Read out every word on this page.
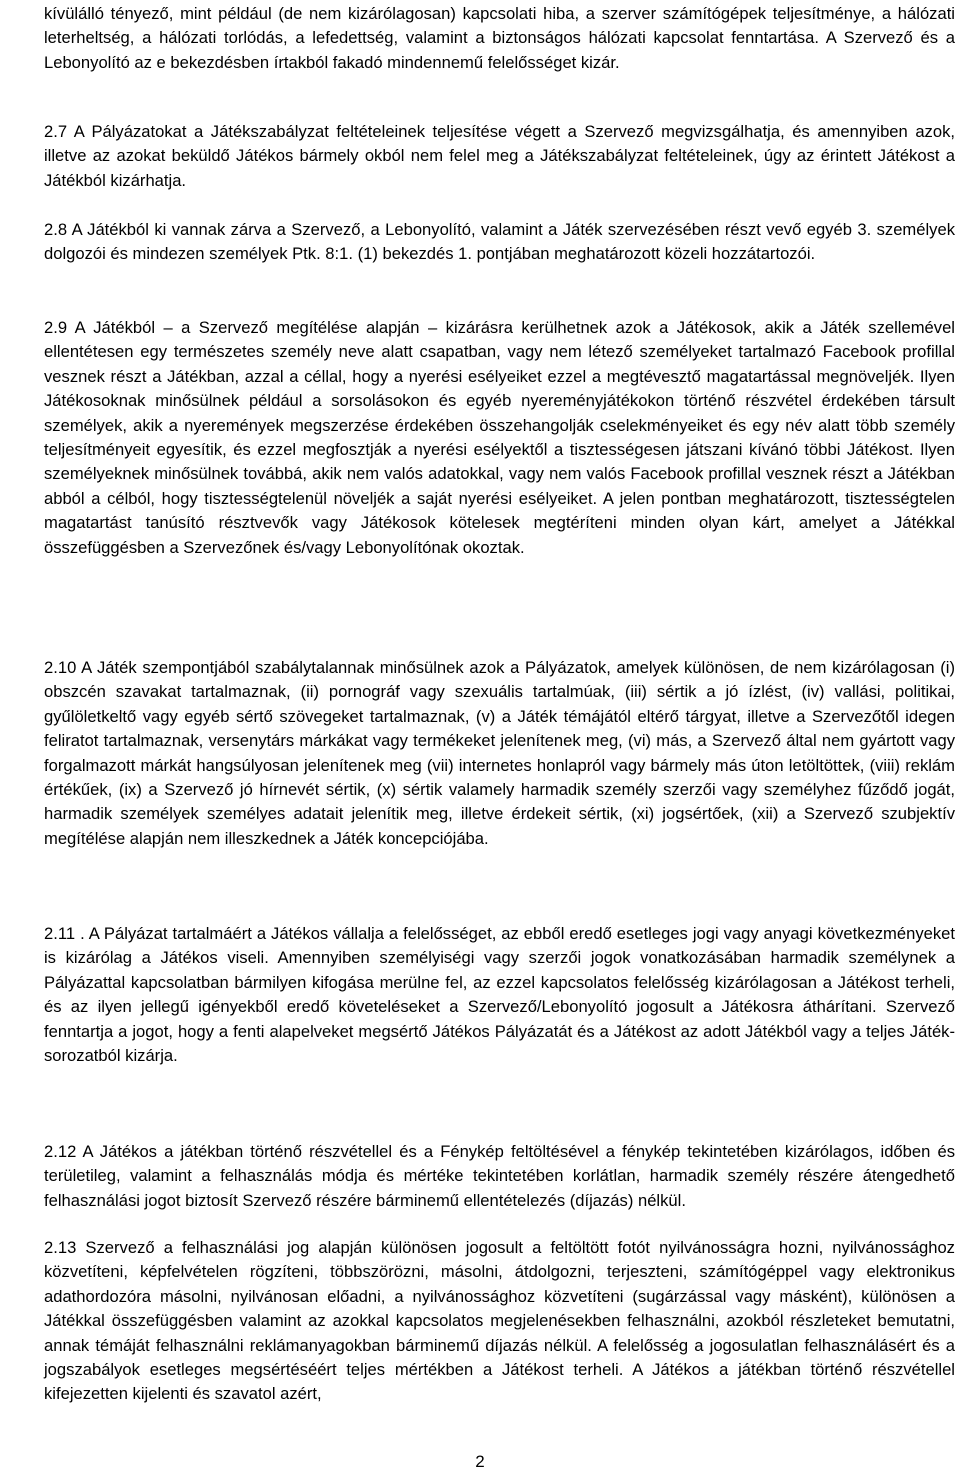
kívülálló tényező, mint például (de nem kizárólagosan) kapcsolati hiba, a szerver számítógépek teljesítménye, a hálózati leterheltség, a hálózati torlódás, a lefedettség, valamint a biztonságos hálózati kapcsolat fenntartása. A Szervező és a Lebonyolító az e bekezdésben írtakból fakadó mindennemű felelősséget kizár.

2.7 A Pályázatokat a Játékszabályzat feltételeinek teljesítése végett a Szervező megvizsgálhatja, és amennyiben azok, illetve az azokat beküldő Játékos bármely okból nem felel meg a Játékszabályzat feltételeinek, úgy az érintett Játékost a Játékból kizárhatja.

2.8 A Játékból ki vannak zárva a Szervező, a Lebonyolító, valamint a Játék szervezésében részt vevő egyéb 3. személyek dolgozói és mindezen személyek Ptk. 8:1. (1) bekezdés 1. pontjában meghatározott közeli hozzátartozói.

2.9 A Játékból – a Szervező megítélése alapján – kizárásra kerülhetnek azok a Játékosok, akik a Játék szellemével ellentétesen egy természetes személy neve alatt csapatban, vagy nem létező személyeket tartalmazó Facebook profillal vesznek részt a Játékban, azzal a céllal, hogy a nyerési esélyeiket ezzel a megtévesztő magatartással megnöveljék. Ilyen Játékosoknak minősülnek például a sorsolásokon és egyéb nyereményjátékokon történő részvétel érdekében társult személyek, akik a nyeremények megszerzése érdekében összehangolják cselekményeiket és egy név alatt több személy teljesítményeit egyesítik, és ezzel megfosztják a nyerési esélyektől a tisztességesen játszani kívánó többi Játékost. Ilyen személyeknek minősülnek továbbá, akik nem valós adatokkal, vagy nem valós Facebook profillal vesznek részt a Játékban abból a célból, hogy tisztességtelenül növeljék a saját nyerési esélyeiket. A jelen pontban meghatározott, tisztességtelen magatartást tanúsító résztvevők vagy Játékosok kötelesek megtéríteni minden olyan kárt, amelyet a Játékkal összefüggésben a Szervezőnek és/vagy Lebonyolítónak okoztak.

2.10 A Játék szempontjából szabálytalannak minősülnek azok a Pályázatok, amelyek különösen, de nem kizárólagosan (i) obszcén szavakat tartalmaznak, (ii) pornográf vagy szexuális tartalmúak, (iii) sértik a jó ízlést, (iv) vallási, politikai, gyűlöletkeltő vagy egyéb sértő szövegeket tartalmaznak, (v) a Játék témájától eltérő tárgyat, illetve a Szervezőtől idegen feliratot tartalmaznak, versenytárs márkákat vagy termékeket jelenítenek meg, (vi) más, a Szervező által nem gyártott vagy forgalmazott márkát hangsúlyosan jelenítenek meg (vii) internetes honlapról vagy bármely más úton letöltöttek, (viii) reklám értékűek, (ix) a Szervező jó hírnevét sértik, (x) sértik valamely harmadik személy szerzői vagy személyhez fűződő jogát, harmadik személyek személyes adatait jelenítik meg, illetve érdekeit sértik, (xi) jogsértőek, (xii) a Szervező szubjektív megítélése alapján nem illeszkednek a Játék koncepciójába.

2.11 . A Pályázat tartalmáért a Játékos vállalja a felelősséget, az ebből eredő esetleges jogi vagy anyagi következményeket is kizárólag a Játékos viseli. Amennyiben személyiségi vagy szerzői jogok vonatkozásában harmadik személynek a Pályázattal kapcsolatban bármilyen kifogása merülne fel, az ezzel kapcsolatos felelősség kizárólagosan a Játékost terheli, és az ilyen jellegű igényekből eredő követeléseket a Szervező/Lebonyolító jogosult a Játékosra áthárítani. Szervező fenntartja a jogot, hogy a fenti alapelveket megsértő Játékos Pályázatát és a Játékost az adott Játékból vagy a teljes Játék-sorozatból kizárja.

2.12 A Játékos a játékban történő részvétellel és a Fénykép feltöltésével a fénykép tekintetében kizárólagos, időben és területileg, valamint a felhasználás módja és mértéke tekintetében korlátlan, harmadik személy részére átengedhető felhasználási jogot biztosít Szervező részére bárminemű ellentételezés (díjazás) nélkül.

2.13 Szervező a felhasználási jog alapján különösen jogosult a feltöltött fotót nyilvánosságra hozni, nyilvánossághoz közvetíteni, képfelvételen rögzíteni, többszörözni, másolni, átdolgozni, terjeszteni, számítógéppel vagy elektronikus adathordozóra másolni, nyilvánosan előadni, a nyilvánossághoz közvetíteni (sugárzással vagy másként), különösen a Játékkal összefüggésben valamint az azokkal kapcsolatos megjelenésekben felhasználni, azokból részleteket bemutatni, annak témáját felhasználni reklámanyagokban bárminemű díjazás nélkül. A felelősség a jogosulatlan felhasználásért és a jogszabályok esetleges megsértéséért teljes mértékben a Játékost terheli. A Játékos a játékban történő részvétellel kifejezetten kijelenti és szavatol azért,

2
